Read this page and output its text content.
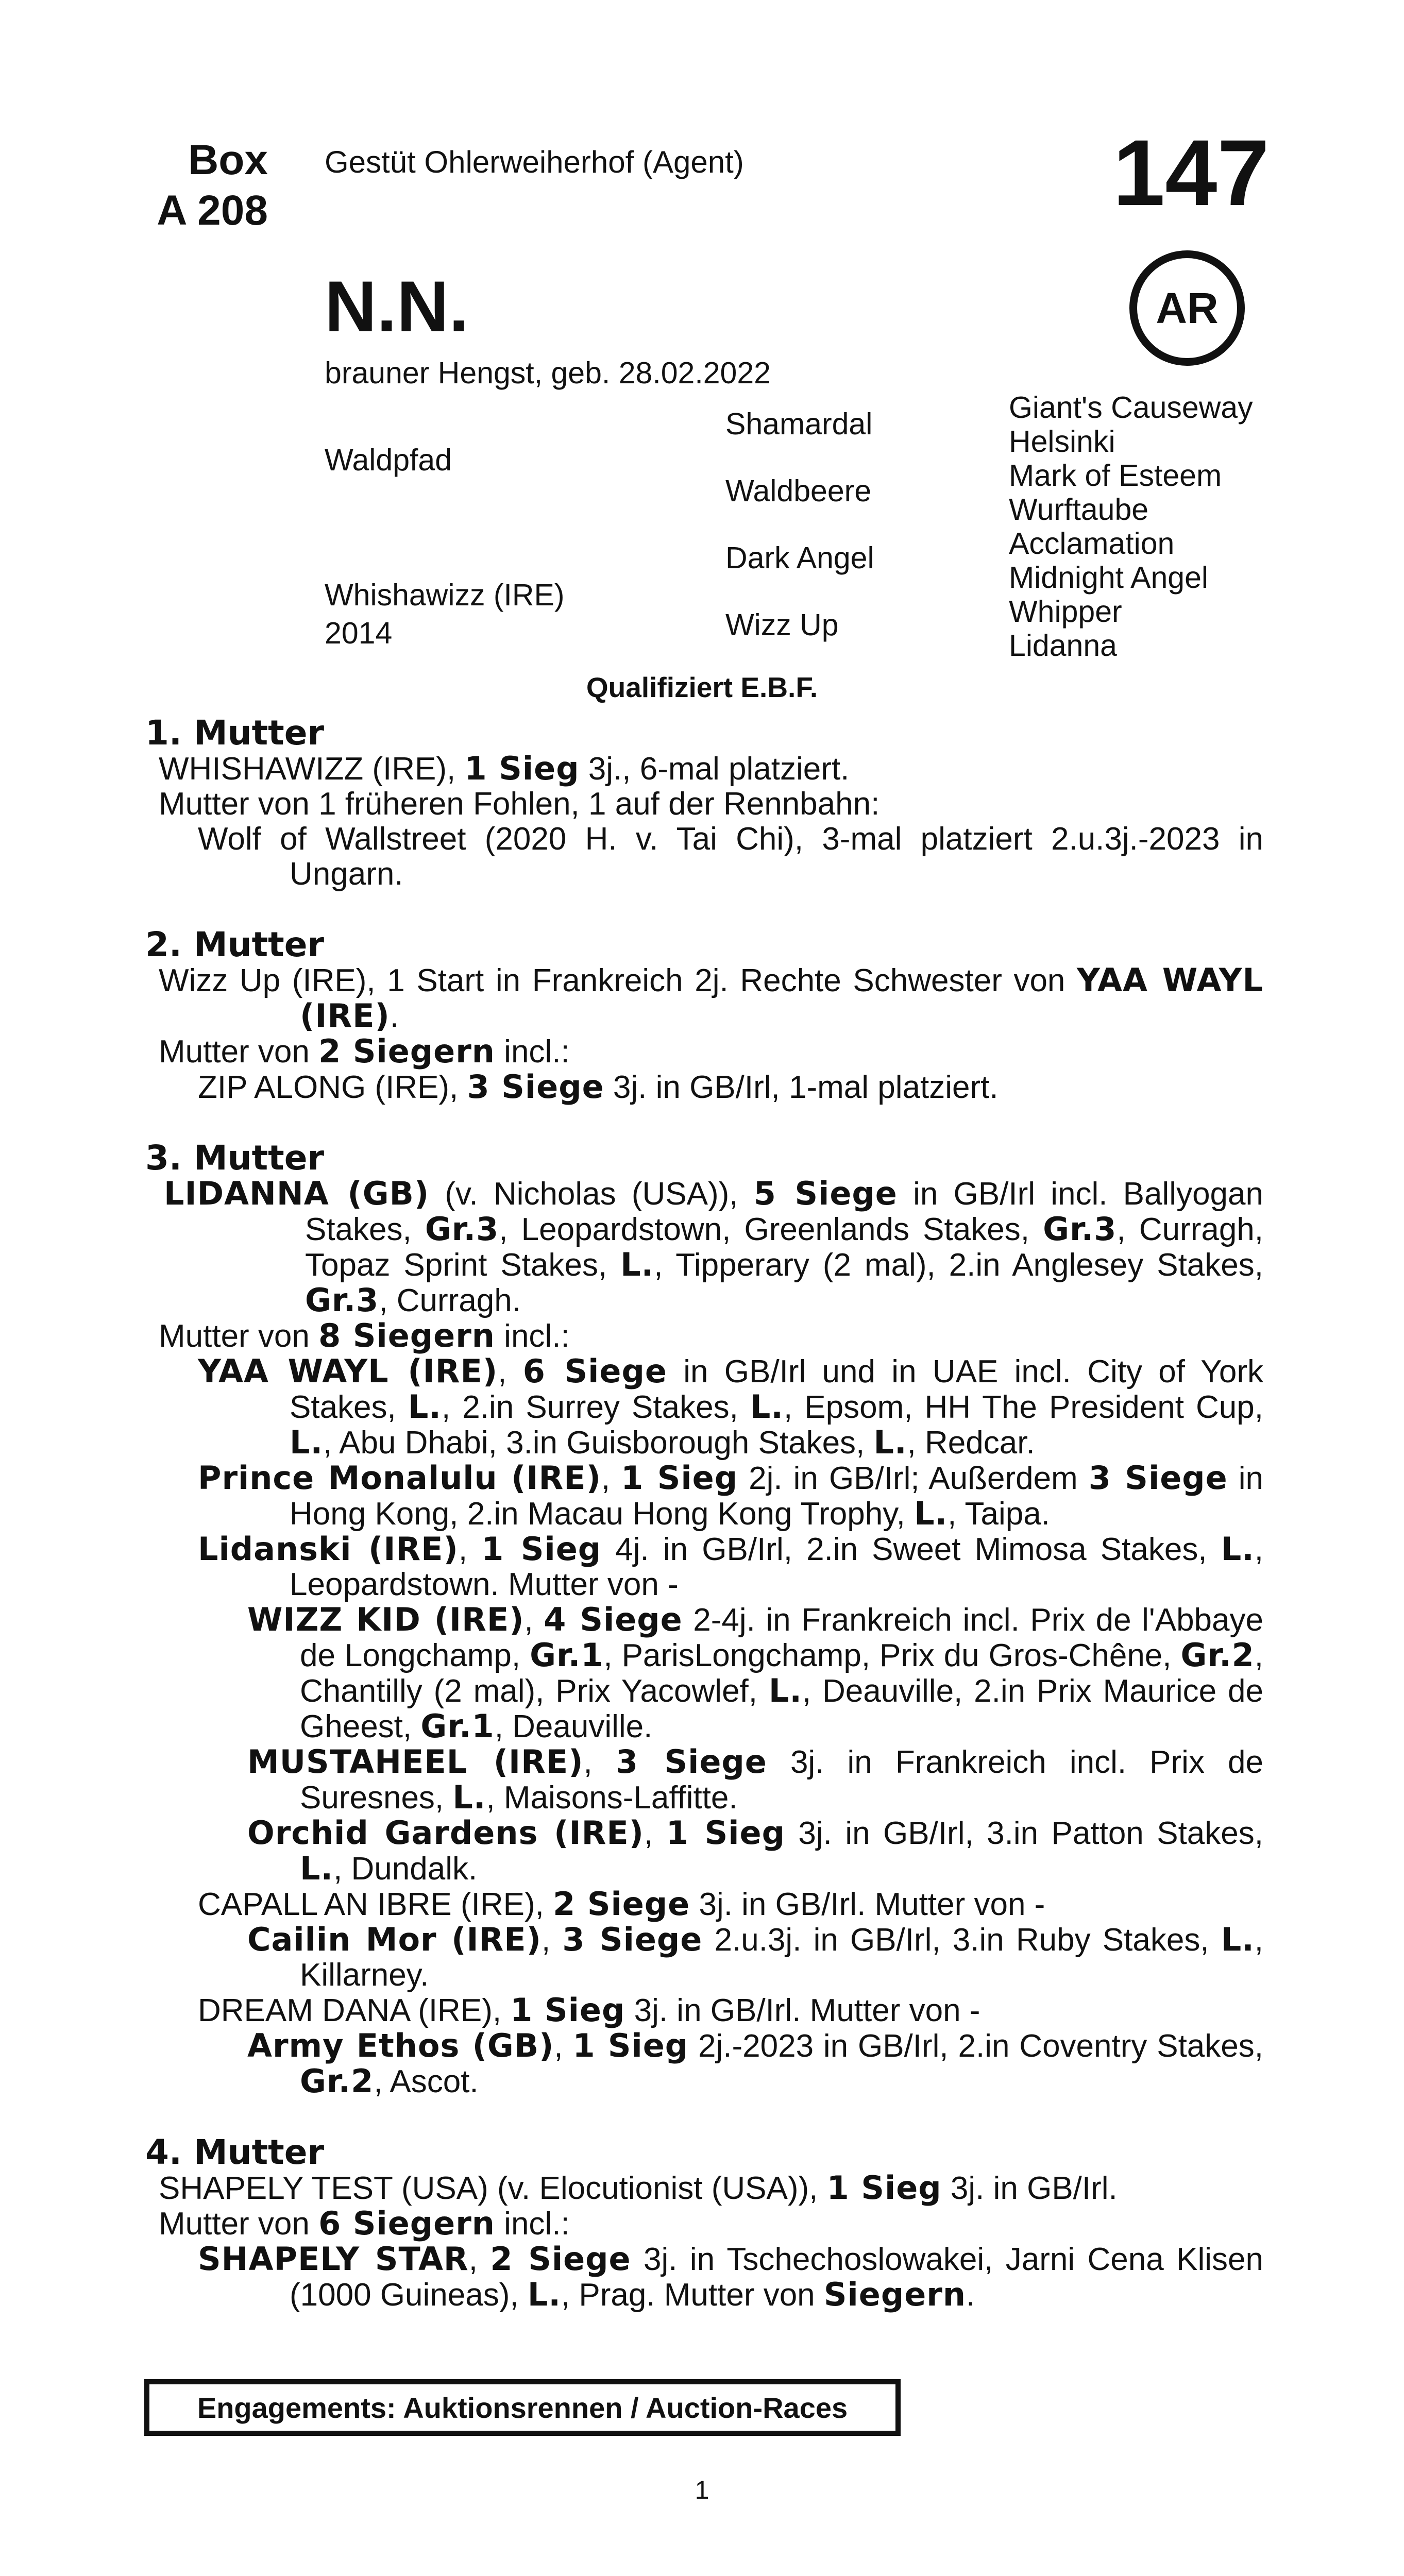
Box
A 208
Gestüt Ohlerweiherhof (Agent)	147
AR
N.N.
brauner Hengst, geb. 28.02.2022
Waldpfad
Whishawizz (IRE)
2014
Shamardal
Waldbeere
Dark Angel
Wizz Up
Giant's Causeway
Helsinki
Mark of Esteem
Wurftaube
Acclamation
Midnight Angel
Whipper
Lidanna
Qualifiziert E.B.F.
1. Mutter

WHISHAWIZZ (IRE), 1 Sieg 3j., 6-mal platziert.

Mutter von 1 früheren Fohlen, 1 auf der Rennbahn:

Wolf of Wallstreet (2020 H. v. Tai Chi), 3-mal platziert 2.u.3j.-2023 in Ungarn.

2. Mutter

Wizz Up (IRE), 1 Start in Frankreich 2j. Rechte Schwester von YAA WAYL (IRE).

Mutter von 2 Siegern incl.:

ZIP ALONG (IRE), 3 Siege 3j. in GB/Irl, 1-mal platziert.

3. Mutter

LIDANNA (GB) (v. Nicholas (USA)), 5 Siege in GB/Irl incl. Ballyogan Stakes, Gr.3, Leopardstown, Greenlands Stakes, Gr.3, Curragh, Topaz Sprint Stakes, L., Tipperary (2 mal), 2.in Anglesey Stakes, Gr.3, Curragh.

Mutter von 8 Siegern incl.:

YAA WAYL (IRE), 6 Siege in GB/Irl und in UAE incl. City of York Stakes, L., 2.in Surrey Stakes, L., Epsom, HH The President Cup, L., Abu Dhabi, 3.in Guisborough Stakes, L., Redcar.

Prince Monalulu (IRE), 1 Sieg 2j. in GB/Irl; Außerdem 3 Siege in Hong Kong, 2.in Macau Hong Kong Trophy, L., Taipa.

Lidanski (IRE), 1 Sieg 4j. in GB/Irl, 2.in Sweet Mimosa Stakes, L., Leopardstown. Mutter von -

WIZZ KID (IRE), 4 Siege 2-4j. in Frankreich incl. Prix de l'Abbaye de Longchamp, Gr.1, ParisLongchamp, Prix du Gros-Chêne, Gr.2, Chantilly (2 mal), Prix Yacowlef, L., Deauville, 2.in Prix Maurice de Gheest, Gr.1, Deauville.

MUSTAHEEL (IRE), 3 Siege 3j. in Frankreich incl. Prix de Suresnes, L., Maisons-Laffitte.

Orchid Gardens (IRE), 1 Sieg 3j. in GB/Irl, 3.in Patton Stakes, L., Dundalk.

CAPALL AN IBRE (IRE), 2 Siege 3j. in GB/Irl. Mutter von -

Cailin Mor (IRE), 3 Siege 2.u.3j. in GB/Irl, 3.in Ruby Stakes, L., Killarney.

DREAM DANA (IRE), 1 Sieg 3j. in GB/Irl. Mutter von -

Army Ethos (GB), 1 Sieg 2j.-2023 in GB/Irl, 2.in Coventry Stakes, Gr.2, Ascot.

4. Mutter

SHAPELY TEST (USA) (v. Elocutionist (USA)), 1 Sieg 3j. in GB/Irl.

Mutter von 6 Siegern incl.:

SHAPELY STAR, 2 Siege 3j. in Tschechoslowakei, Jarni Cena Klisen (1000 Guineas), L., Prag. Mutter von Siegern.

Engagements: Auktionsrennen / Auction-Races
1
